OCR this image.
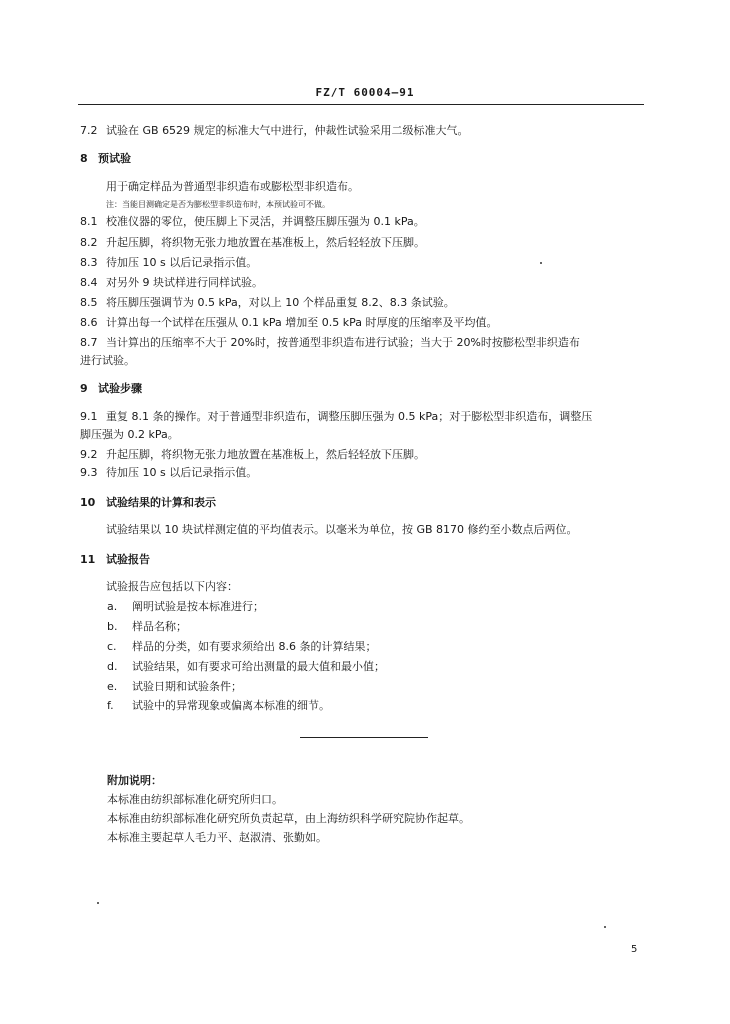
FZ/T 60004—91
7.2 试验在 GB 6529 规定的标准大气中进行，仲裁性试验采用二级标准大气。
8 预试验
用于确定样品为普通型非织造布或膨松型非织造布。
注：当能目测确定是否为膨松型非织造布时，本预试验可不做。
8.1 校准仪器的零位，使压脚上下灵活，并调整压脚压强为 0.1 kPa。
8.2 升起压脚，将织物无张力地放置在基准板上，然后轻轻放下压脚。
8.3 待加压 10 s 以后记录指示值。
8.4 对另外 9 块试样进行同样试验。
8.5 将压脚压强调节为 0.5 kPa，对以上 10 个样品重复 8.2、8.3 条试验。
8.6 计算出每一个试样在压强从 0.1 kPa 增加至 0.5 kPa 时厚度的压缩率及平均值。
8.7 当计算出的压缩率不大于 20%时，按普通型非织造布进行试验；当大于 20%时按膨松型非织造布
进行试验。
9 试验步骤
9.1 重复 8.1 条的操作。对于普通型非织造布，调整压脚压强为 0.5 kPa；对于膨松型非织造布，调整压
脚压强为 0.2 kPa。
9.2 升起压脚，将织物无张力地放置在基准板上，然后轻轻放下压脚。
9.3 待加压 10 s 以后记录指示值。
10 试验结果的计算和表示
试验结果以 10 块试样测定值的平均值表示。以毫米为单位，按 GB 8170 修约至小数点后两位。
11 试验报告
试验报告应包括以下内容：
a. 阐明试验是按本标准进行；
b. 样品名称；
c. 样品的分类，如有要求须给出 8.6 条的计算结果；
d. 试验结果，如有要求可给出测量的最大值和最小值；
e. 试验日期和试验条件；
f. 试验中的异常现象或偏离本标准的细节。
附加说明：
本标准由纺织部标准化研究所归口。
本标准由纺织部标准化研究所负责起草，由上海纺织科学研究院协作起草。
本标准主要起草人毛力平、赵淑清、张勤如。
5
